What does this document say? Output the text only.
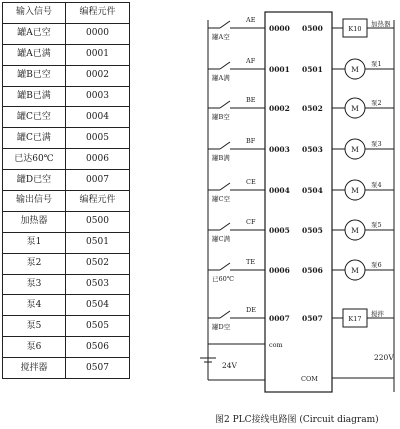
输入信号	编程元件
罐A已空	0000
罐A已满	0001
罐B已空	0002
罐B已满	0003
罐C已空	0004
罐C已满	0005
已达60℃	0006
罐D已空	0007
输出信号	编程元件
加热器	0500
泵1	0501
泵2	0502
泵3	0503
泵4	0504
泵5	0505
泵6	0506
搅拌器	0507
AE
罐A空
0000
AF
罐A满
0001
BE
罐B空
0002
BF
罐B满
0003
CE
罐C空
0004
CF
罐C满
0005
TE
已60℃
0006
DE
罐D空
0007
com
24V
0500	K10
加热器
0501	M
~
泵1
0502	M
~
泵2
0503	M
~
泵3
0504	M
~
泵4
0505	M
~
泵5
0506	M
~
泵6
0507	K17
搅拌
COM
220V
图2 PLC接线电路图 (Circuit diagram)
